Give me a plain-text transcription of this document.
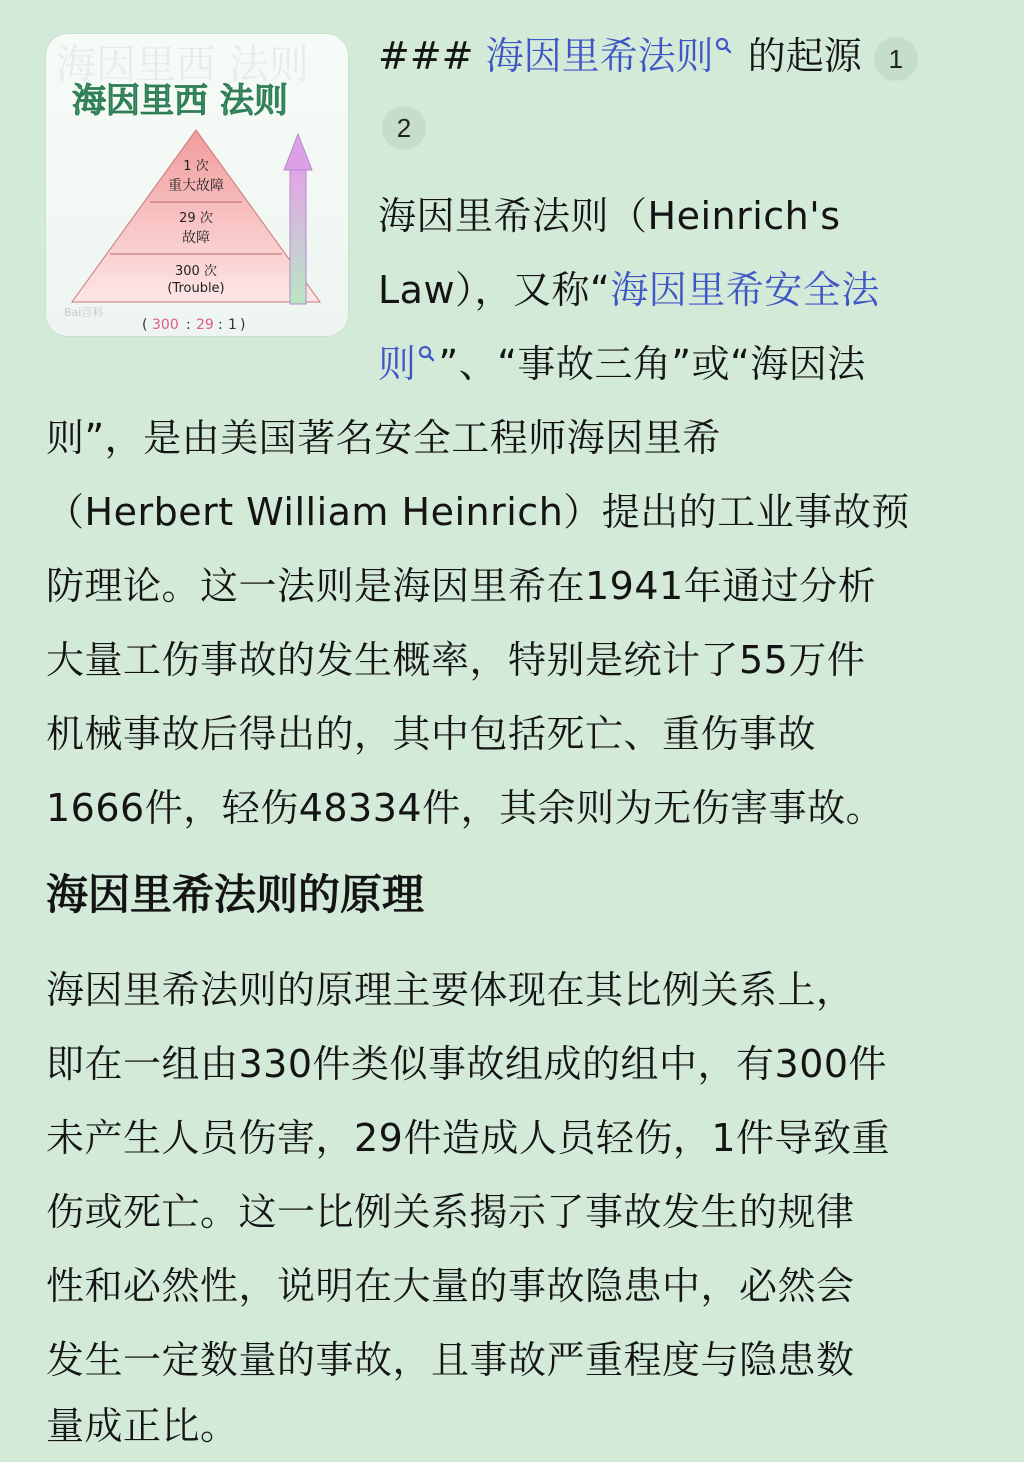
海因里西 法则
海因里西 法则
1 次
重大故障
29 次
故障
300 次
(Trouble)
Bai百科
( 300 : 29 : 1 )
### 海因里希法则 的起源 1
2
海因里希法则（Heinrich's
Law），又称“海因里希安全法
则 ”、“事故三角”或“海因法
则”，是由美国著名安全工程师海因里希
（Herbert William Heinrich）提出的工业事故预
防理论。这一法则是海因里希在1941年通过分析
大量工伤事故的发生概率，特别是统计了55万件
机械事故后得出的，其中包括死亡、重伤事故
1666件，轻伤48334件，其余则为无伤害事故。
海因里希法则的原理
海因里希法则的原理主要体现在其比例关系上，
即在一组由330件类似事故组成的组中，有300件
未产生人员伤害，29件造成人员轻伤，1件导致重
伤或死亡。这一比例关系揭示了事故发生的规律
性和必然性，说明在大量的事故隐患中，必然会
发生一定数量的事故，且事故严重程度与隐患数
量成正比。
